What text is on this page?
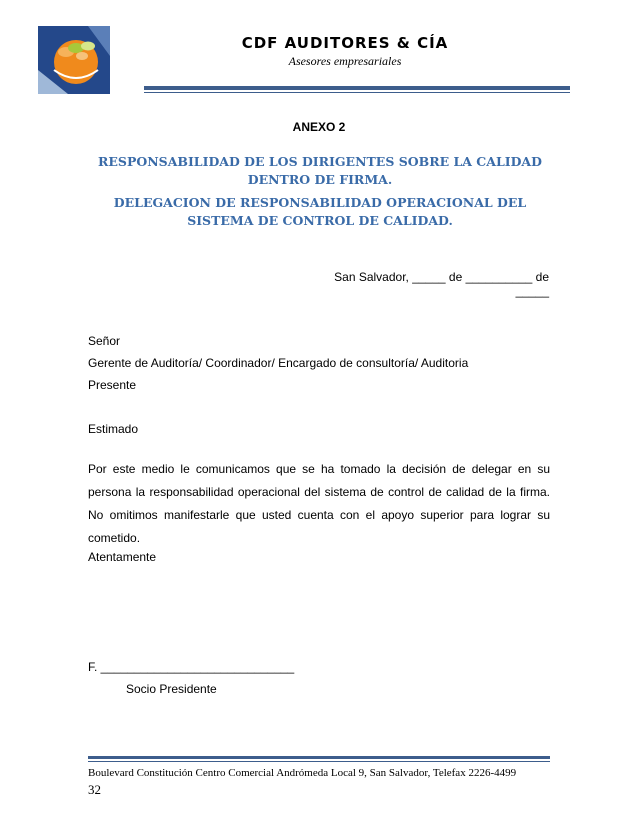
CDF AUDITORES & CÍA
Asesores empresariales
ANEXO 2
RESPONSABILIDAD DE LOS DIRIGENTES SOBRE LA CALIDAD DENTRO DE FIRMA.
DELEGACION DE RESPONSABILIDAD OPERACIONAL DEL SISTEMA DE CONTROL DE CALIDAD.
San Salvador, _____ de __________ de _____
Señor
Gerente de Auditoría/ Coordinador/ Encargado de consultoría/ Auditoria
Presente
Estimado
Por este medio le comunicamos que se ha tomado la decisión de delegar en su persona la responsabilidad operacional del sistema de control de calidad de la firma. No omitimos manifestarle que usted cuenta con el apoyo superior para lograr su cometido.
Atentamente
F. _____________________________
Socio Presidente
Boulevard Constitución Centro Comercial Andrómeda Local 9, San Salvador, Telefax 2226-4499
32
